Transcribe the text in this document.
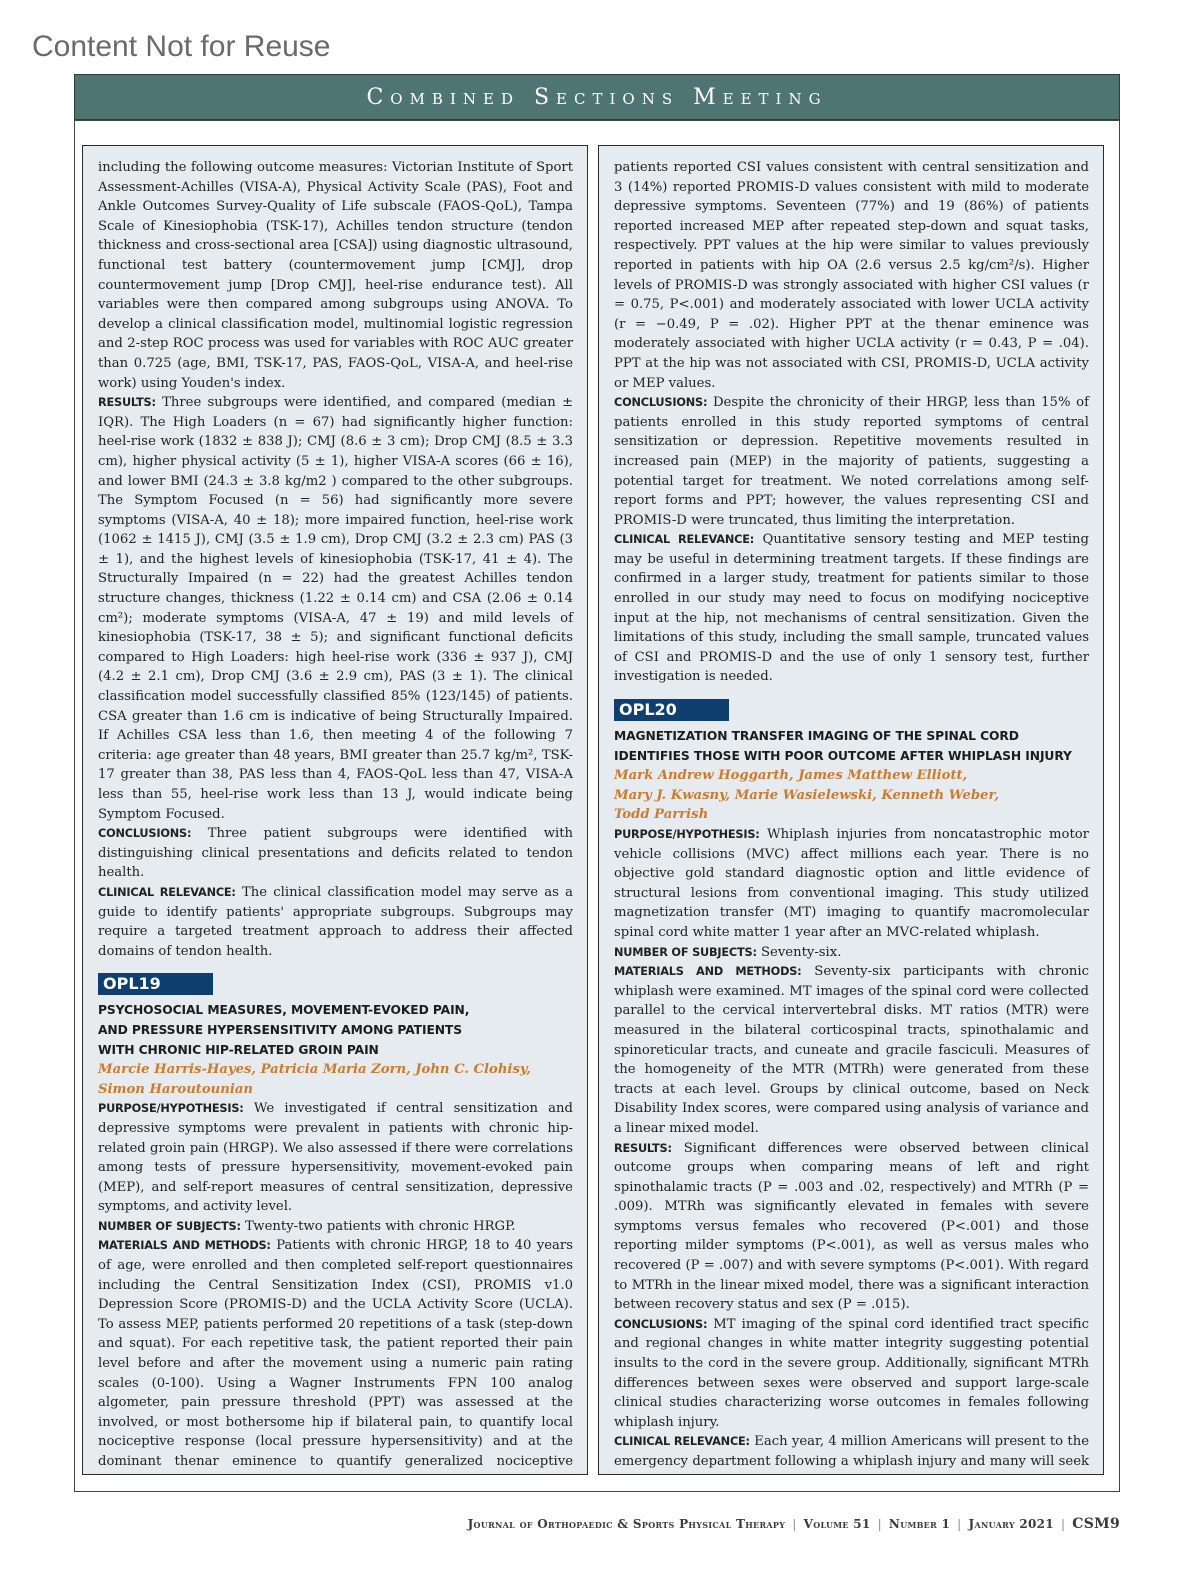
Content Not for Reuse
Combined Sections Meeting

including the following outcome measures: Victorian Institute of Sport Assessment-Achilles (VISA-A), Physical Activity Scale (PAS), Foot and Ankle Outcomes Survey-Quality of Life subscale (FAOS-QoL), Tampa Scale of Kinesiophobia (TSK-17), Achilles tendon structure (tendon thickness and cross-sectional area [CSA]) using diagnostic ultrasound, functional test battery (countermovement jump [CMJ], drop countermovement jump [Drop CMJ], heel-rise endurance test). All variables were then compared among subgroups using ANOVA. To develop a clinical classification model, multinomial logistic regression and 2-step ROC process was used for variables with ROC AUC greater than 0.725 (age, BMI, TSK-17, PAS, FAOS-QoL, VISA-A, and heel-rise work) using Youden's index.

RESULTS: Three subgroups were identified, and compared (median ± IQR). The High Loaders (n = 67) had significantly higher function: heel-rise work (1832 ± 838 J); CMJ (8.6 ± 3 cm); Drop CMJ (8.5 ± 3.3 cm), higher physical activity (5 ± 1), higher VISA-A scores (66 ± 16), and lower BMI (24.3 ± 3.8 kg/m2 ) compared to the other subgroups. The Symptom Focused (n = 56) had significantly more severe symptoms (VISA-A, 40 ± 18); more impaired function, heel-rise work (1062 ± 1415 J), CMJ (3.5 ± 1.9 cm), Drop CMJ (3.2 ± 2.3 cm) PAS (3 ± 1), and the highest levels of kinesiophobia (TSK-17, 41 ± 4). The Structurally Impaired (n = 22) had the greatest Achilles tendon structure changes, thickness (1.22 ± 0.14 cm) and CSA (2.06 ± 0.14 cm²); moderate symptoms (VISA-A, 47 ± 19) and mild levels of kinesiophobia (TSK-17, 38 ± 5); and significant functional deficits compared to High Loaders: high heel-rise work (336 ± 937 J), CMJ (4.2 ± 2.1 cm), Drop CMJ (3.6 ± 2.9 cm), PAS (3 ± 1). The clinical classification model successfully classified 85% (123/145) of patients. CSA greater than 1.6 cm is indicative of being Structurally Impaired. If Achilles CSA less than 1.6, then meeting 4 of the following 7 criteria: age greater than 48 years, BMI greater than 25.7 kg/m², TSK-17 greater than 38, PAS less than 4, FAOS-QoL less than 47, VISA-A less than 55, heel-rise work less than 13 J, would indicate being Symptom Focused.

CONCLUSIONS: Three patient subgroups were identified with distinguishing clinical presentations and deficits related to tendon health.

CLINICAL RELEVANCE: The clinical classification model may serve as a guide to identify patients' appropriate subgroups. Subgroups may require a targeted treatment approach to address their affected domains of tendon health.

OPL19
PSYCHOSOCIAL MEASURES, MOVEMENT-EVOKED PAIN,
AND PRESSURE HYPERSENSITIVITY AMONG PATIENTS
WITH CHRONIC HIP-RELATED GROIN PAIN
Marcie Harris-Hayes, Patricia Maria Zorn, John C. Clohisy,
Simon Haroutounian

PURPOSE/HYPOTHESIS: We investigated if central sensitization and depressive symptoms were prevalent in patients with chronic hip-related groin pain (HRGP). We also assessed if there were correlations among tests of pressure hypersensitivity, movement-evoked pain (MEP), and self-report measures of central sensitization, depressive symptoms, and activity level.

NUMBER OF SUBJECTS: Twenty-two patients with chronic HRGP.

MATERIALS AND METHODS: Patients with chronic HRGP, 18 to 40 years of age, were enrolled and then completed self-report questionnaires including the Central Sensitization Index (CSI), PROMIS v1.0 Depression Score (PROMIS-D) and the UCLA Activity Score (UCLA). To assess MEP, patients performed 20 repetitions of a task (step-down and squat). For each repetitive task, the patient reported their pain level before and after the movement using a numeric pain rating scales (0-100). Using a Wagner Instruments FPN 100 analog algometer, pain pressure threshold (PPT) was assessed at the involved, or most bothersome hip if bilateral pain, to quantify local nociceptive response (local pressure hypersensitivity) and at the dominant thenar eminence to quantify generalized nociceptive

patients reported CSI values consistent with central sensitization and 3 (14%) reported PROMIS-D values consistent with mild to moderate depressive symptoms. Seventeen (77%) and 19 (86%) of patients reported increased MEP after repeated step-down and squat tasks, respectively. PPT values at the hip were similar to values previously reported in patients with hip OA (2.6 versus 2.5 kg/cm²/s). Higher levels of PROMIS-D was strongly associated with higher CSI values (r = 0.75, P<.001) and moderately associated with lower UCLA activity (r = −0.49, P = .02). Higher PPT at the thenar eminence was moderately associated with higher UCLA activity (r = 0.43, P = .04). PPT at the hip was not associated with CSI, PROMIS-D, UCLA activity or MEP values.

CONCLUSIONS: Despite the chronicity of their HRGP, less than 15% of patients enrolled in this study reported symptoms of central sensitization or depression. Repetitive movements resulted in increased pain (MEP) in the majority of patients, suggesting a potential target for treatment. We noted correlations among self-report forms and PPT; however, the values representing CSI and PROMIS-D were truncated, thus limiting the interpretation.

CLINICAL RELEVANCE: Quantitative sensory testing and MEP testing may be useful in determining treatment targets. If these findings are confirmed in a larger study, treatment for patients similar to those enrolled in our study may need to focus on modifying nociceptive input at the hip, not mechanisms of central sensitization. Given the limitations of this study, including the small sample, truncated values of CSI and PROMIS-D and the use of only 1 sensory test, further investigation is needed.

OPL20
MAGNETIZATION TRANSFER IMAGING OF THE SPINAL CORD
IDENTIFIES THOSE WITH POOR OUTCOME AFTER WHIPLASH INJURY
Mark Andrew Hoggarth, James Matthew Elliott,
Mary J. Kwasny, Marie Wasielewski, Kenneth Weber,
Todd Parrish

PURPOSE/HYPOTHESIS: Whiplash injuries from noncatastrophic motor vehicle collisions (MVC) affect millions each year. There is no objective gold standard diagnostic option and little evidence of structural lesions from conventional imaging. This study utilized magnetization transfer (MT) imaging to quantify macromolecular spinal cord white matter 1 year after an MVC-related whiplash.

NUMBER OF SUBJECTS: Seventy-six.

MATERIALS AND METHODS: Seventy-six participants with chronic whiplash were examined. MT images of the spinal cord were collected parallel to the cervical intervertebral disks. MT ratios (MTR) were measured in the bilateral corticospinal tracts, spinothalamic and spinoreticular tracts, and cuneate and gracile fasciculi. Measures of the homogeneity of the MTR (MTRh) were generated from these tracts at each level. Groups by clinical outcome, based on Neck Disability Index scores, were compared using analysis of variance and a linear mixed model.

RESULTS: Significant differences were observed between clinical outcome groups when comparing means of left and right spinothalamic tracts (P = .003 and .02, respectively) and MTRh (P = .009). MTRh was significantly elevated in females with severe symptoms versus females who recovered (P<.001) and those reporting milder symptoms (P<.001), as well as versus males who recovered (P = .007) and with severe symptoms (P<.001). With regard to MTRh in the linear mixed model, there was a significant interaction between recovery status and sex (P = .015).

CONCLUSIONS: MT imaging of the spinal cord identified tract specific and regional changes in white matter integrity suggesting potential insults to the cord in the severe group. Additionally, significant MTRh differences between sexes were observed and support large-scale clinical studies characterizing worse outcomes in females following whiplash injury.

CLINICAL RELEVANCE: Each year, 4 million Americans will present to the emergency department following a whiplash injury and many will seek

Journal of Orthopaedic & Sports Physical Therapy | Volume 51 | Number 1 | January 2021 | CSM9
